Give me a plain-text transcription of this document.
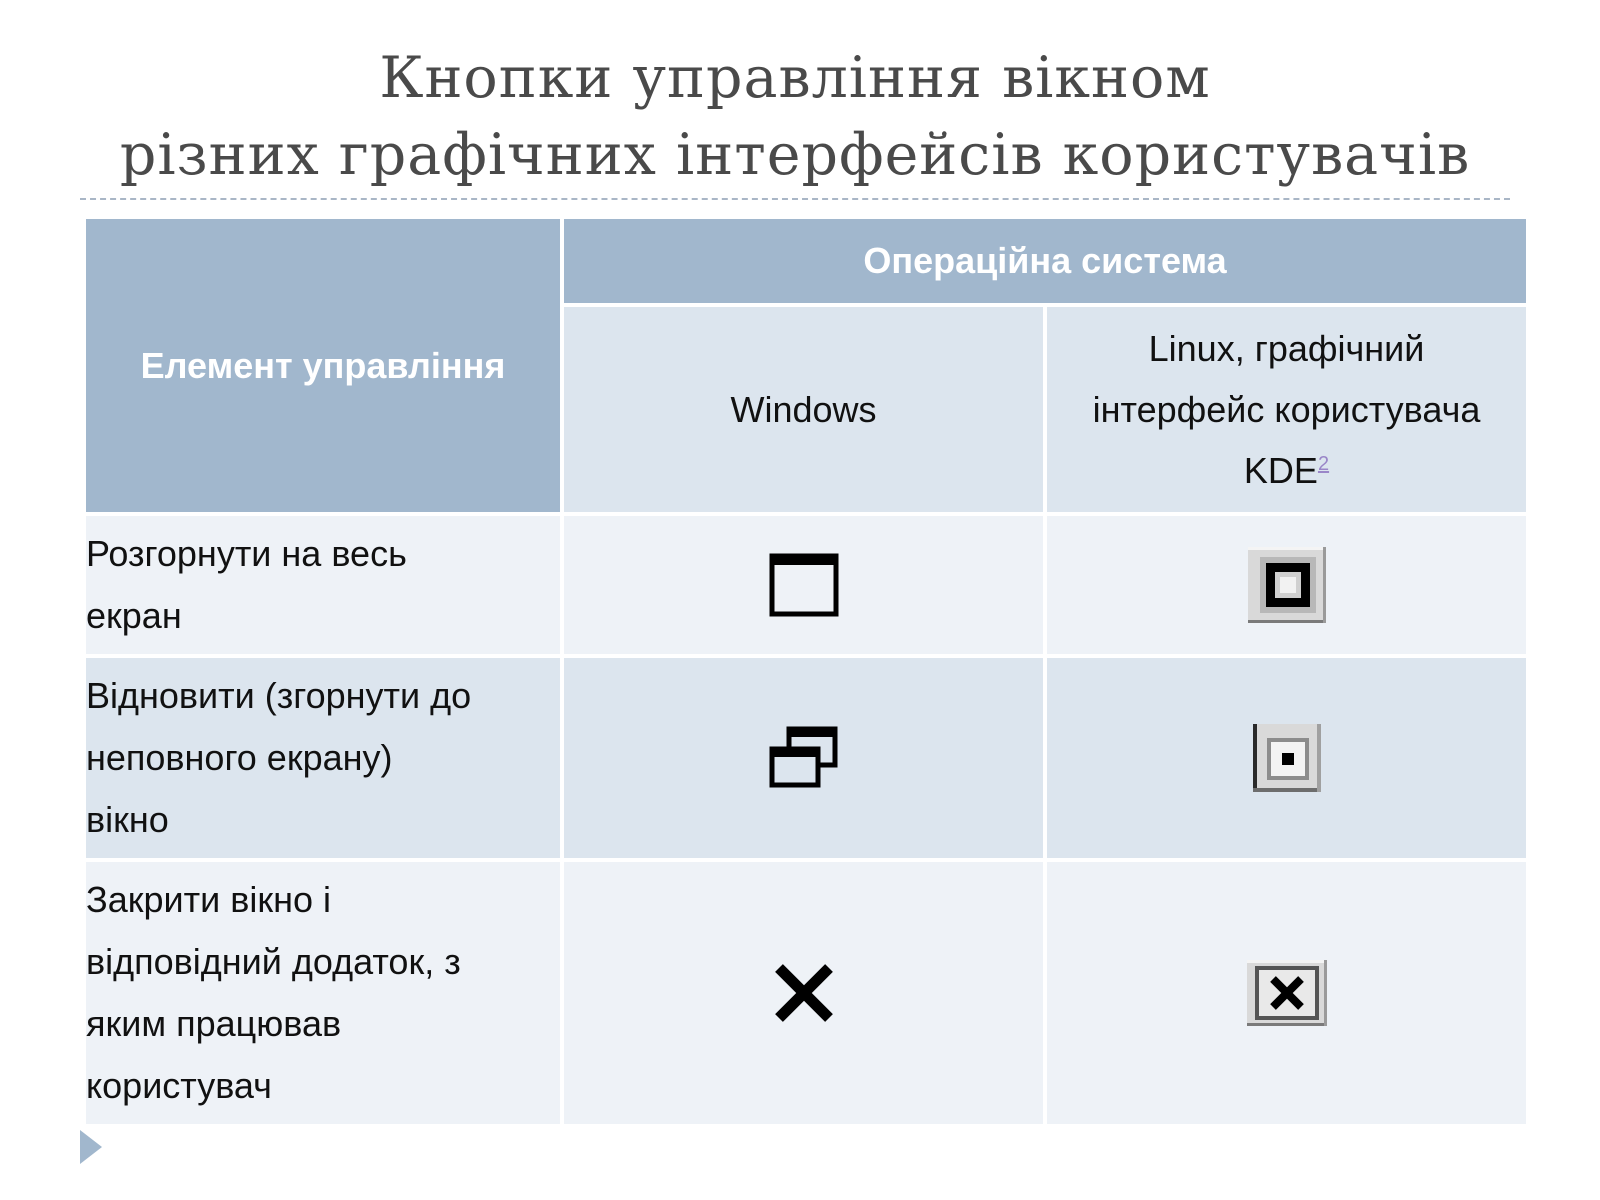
Кнопки управління вікном
різних графічних інтерфейсів користувачів
Елемент управління	Операційна система	
	Windows	Linux, графічний
інтерфейс користувача
KDE$^2$

Розгорнути на весь
екран

Відновити (згорнути до
неповного екрану)
вікно

Закрити вікно і
відповідний додаток, з
яким працював
користувач
